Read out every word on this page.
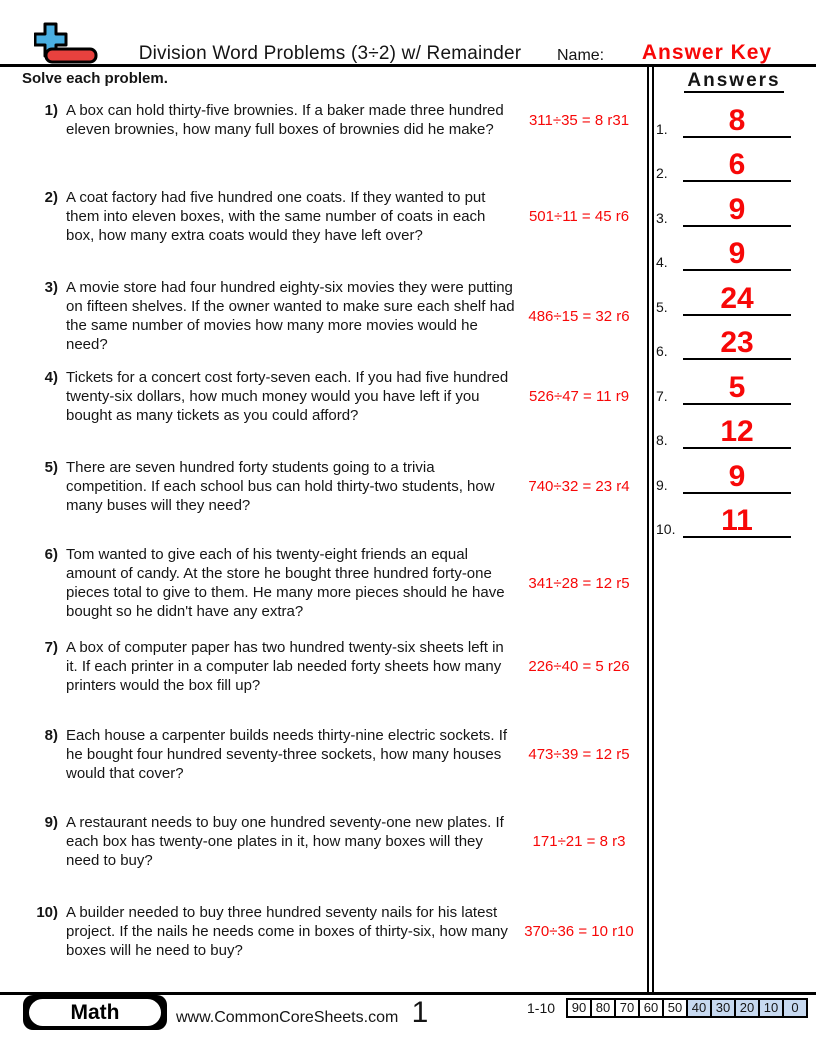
Division Word Problems (3÷2) w/ Remainder	Name:	Answer Key
Solve each problem.
1) A box can hold thirty-five brownies. If a baker made three hundred eleven brownies, how many full boxes of brownies did he make?
311÷35 = 8 r31
2) A coat factory had five hundred one coats. If they wanted to put them into eleven boxes, with the same number of coats in each box, how many extra coats would they have left over?
501÷11 = 45 r6
3) A movie store had four hundred eighty-six movies they were putting on fifteen shelves. If the owner wanted to make sure each shelf had the same number of movies how many more movies would he need?
486÷15 = 32 r6
4) Tickets for a concert cost forty-seven each. If you had five hundred twenty-six dollars, how much money would you have left if you bought as many tickets as you could afford?
526÷47 = 11 r9
5) There are seven hundred forty students going to a trivia competition. If each school bus can hold thirty-two students, how many buses will they need?
740÷32 = 23 r4
6) Tom wanted to give each of his twenty-eight friends an equal amount of candy. At the store he bought three hundred forty-one pieces total to give to them. He many more pieces should he have bought so he didn't have any extra?
341÷28 = 12 r5
7) A box of computer paper has two hundred twenty-six sheets left in it. If each printer in a computer lab needed forty sheets how many printers would the box fill up?
226÷40 = 5 r26
8) Each house a carpenter builds needs thirty-nine electric sockets. If he bought four hundred seventy-three sockets, how many houses would that cover?
473÷39 = 12 r5
9) A restaurant needs to buy one hundred seventy-one new plates. If each box has twenty-one plates in it, how many boxes will they need to buy?
171÷21 = 8 r3
10) A builder needed to buy three hundred seventy nails for his latest project. If the nails he needs come in boxes of thirty-six, how many boxes will he need to buy?
370÷36 = 10 r10
Answers
1.	8
2.	6
3.	9
4.	9
5.	24
6.	23
7.	5
8.	12
9.	9
10.	11
Math	www.CommonCoreSheets.com 1	1-10	90 80 70 60 50 40 30 20 10	0
